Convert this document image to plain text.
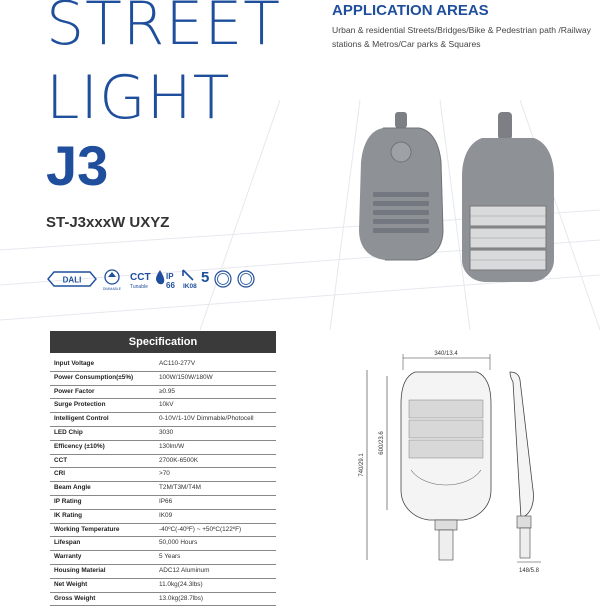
STREET
LIGHT
J3
ST-J3xxxW UXYZ
APPLICATION AREAS
Urban & residential Streets/Bridges/Bike & Pedestrian path /Railway stations & Metros/Car parks & Squares
DALI
DIMMABLE
CCT
Tunable
IP
66 IK08
5
Specification
Input Voltage	AC110-277V
Power Consumption(±5%)	100W/150W/180W
Power Factor	≥0.95
Surge Protection	10kV
Intelligent Control	0-10V/1-10V Dimmable/Photocell
LED Chip	3030
Efficency (±10%)	130lm/W
CCT	2700K-6500K
CRI	>70
Beam Angle	T2M/T3M/T4M
IP Rating	IP66
IK Rating	IK09
Working Temperature	-40ºC(-40ºF) ~ +50ºC(122ºF)
Lifespan	50,000 Hours
Warranty	5 Years
Housing Material	ADC12 Aluminum
Net Weight	11.0kg(24.3lbs)
Gross Weight	13.0kg(28.7lbs)
340/13.4
740/29.1
600/23.6
148/5.8
